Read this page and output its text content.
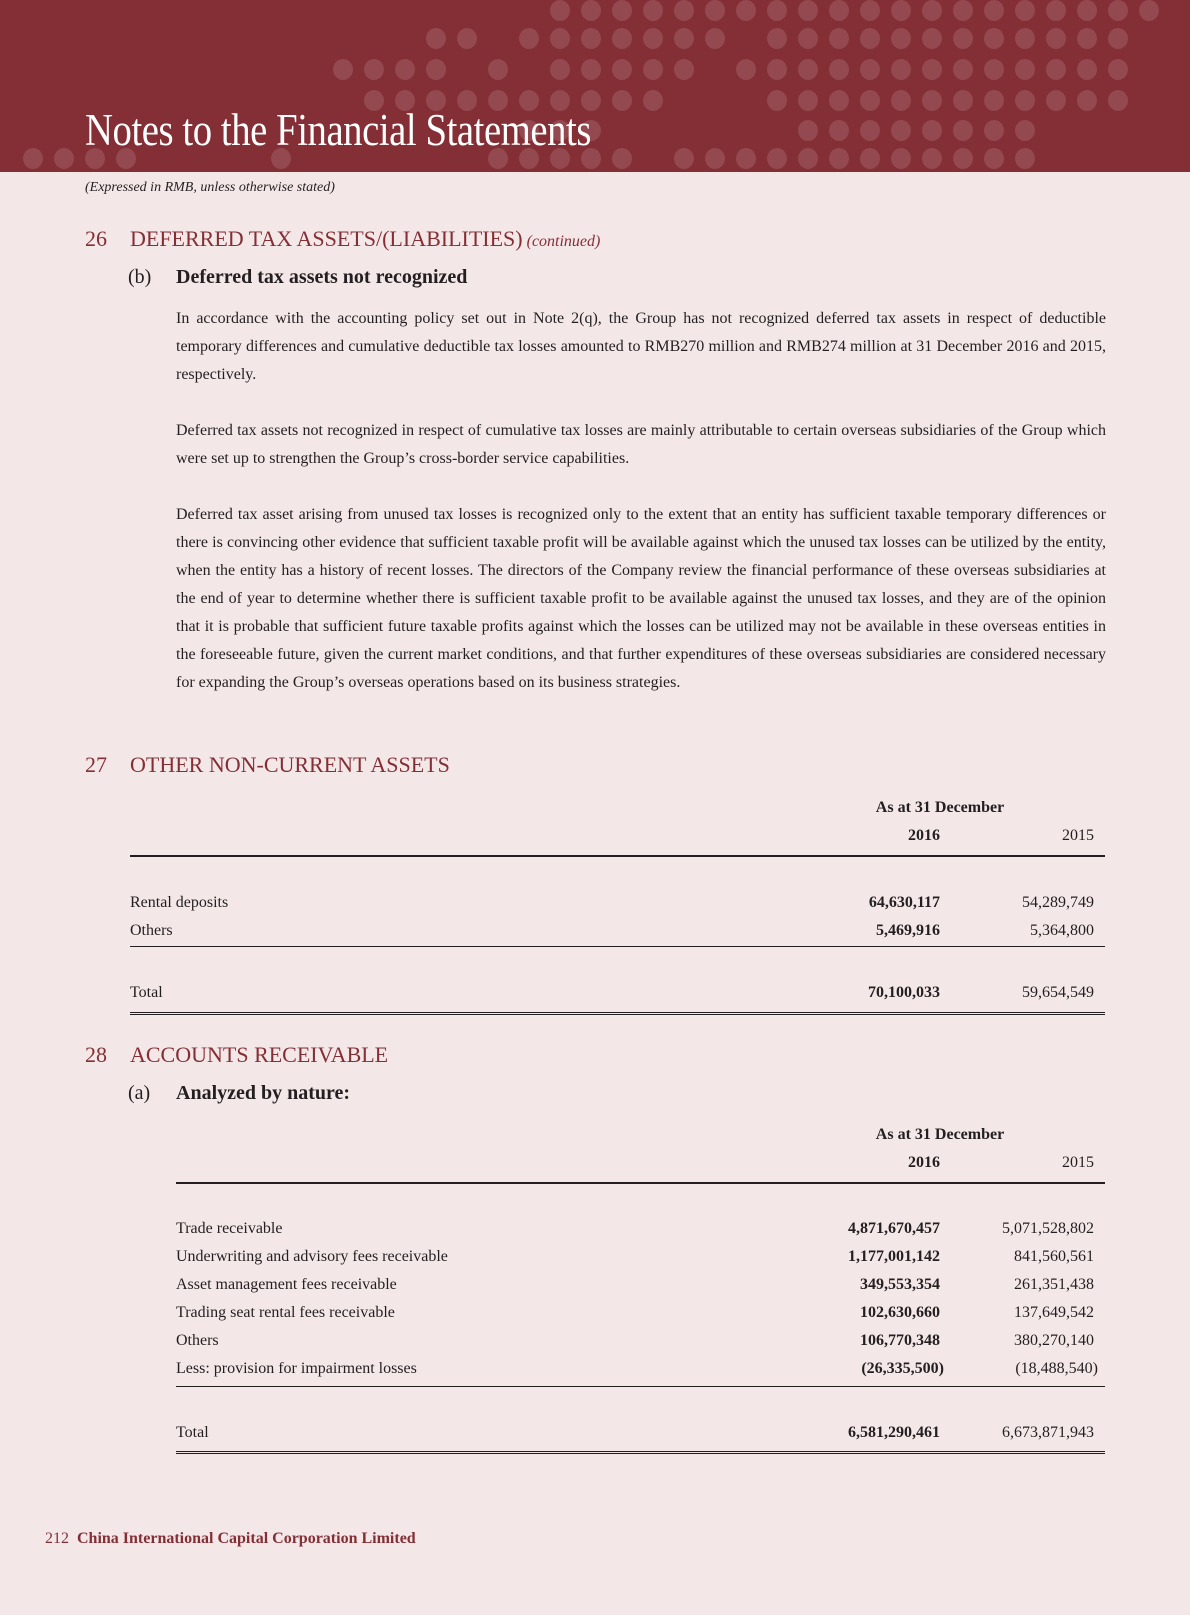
Notes to the Financial Statements
(Expressed in RMB, unless otherwise stated)
26 DEFERRED TAX ASSETS/(LIABILITIES) (continued)
(b) Deferred tax assets not recognized

In accordance with the accounting policy set out in Note 2(q), the Group has not recognized deferred tax assets in respect of deductible temporary differences and cumulative deductible tax losses amounted to RMB270 million and RMB274 million at 31 December 2016 and 2015, respectively.

Deferred tax assets not recognized in respect of cumulative tax losses are mainly attributable to certain overseas subsidiaries of the Group which were set up to strengthen the Group’s cross-border service capabilities.

Deferred tax asset arising from unused tax losses is recognized only to the extent that an entity has sufficient taxable temporary differences or there is convincing other evidence that sufficient taxable profit will be available against which the unused tax losses can be utilized by the entity, when the entity has a history of recent losses. The directors of the Company review the financial performance of these overseas subsidiaries at the end of year to determine whether there is sufficient taxable profit to be available against the unused tax losses, and they are of the opinion that it is probable that sufficient future taxable profits against which the losses can be utilized may not be available in these overseas entities in the foreseeable future, given the current market conditions, and that further expenditures of these overseas subsidiaries are considered necessary for expanding the Group’s overseas operations based on its business strategies.

27 OTHER NON-CURRENT ASSETS
As at 31 December
2016	2015
Rental deposits	64,630,117	54,289,749
Others	5,469,916	5,364,800
Total	70,100,033	59,654,549
28 ACCOUNTS RECEIVABLE
(a) Analyzed by nature:
As at 31 December
2016	2015
Trade receivable	4,871,670,457	5,071,528,802
Underwriting and advisory fees receivable	1,177,001,142	841,560,561
Asset management fees receivable	349,553,354	261,351,438
Trading seat rental fees receivable	102,630,660	137,649,542
Others	106,770,348	380,270,140
Less: provision for impairment losses	(26,335,500)	(18,488,540)
Total	6,581,290,461	6,673,871,943
212 China International Capital Corporation Limited
